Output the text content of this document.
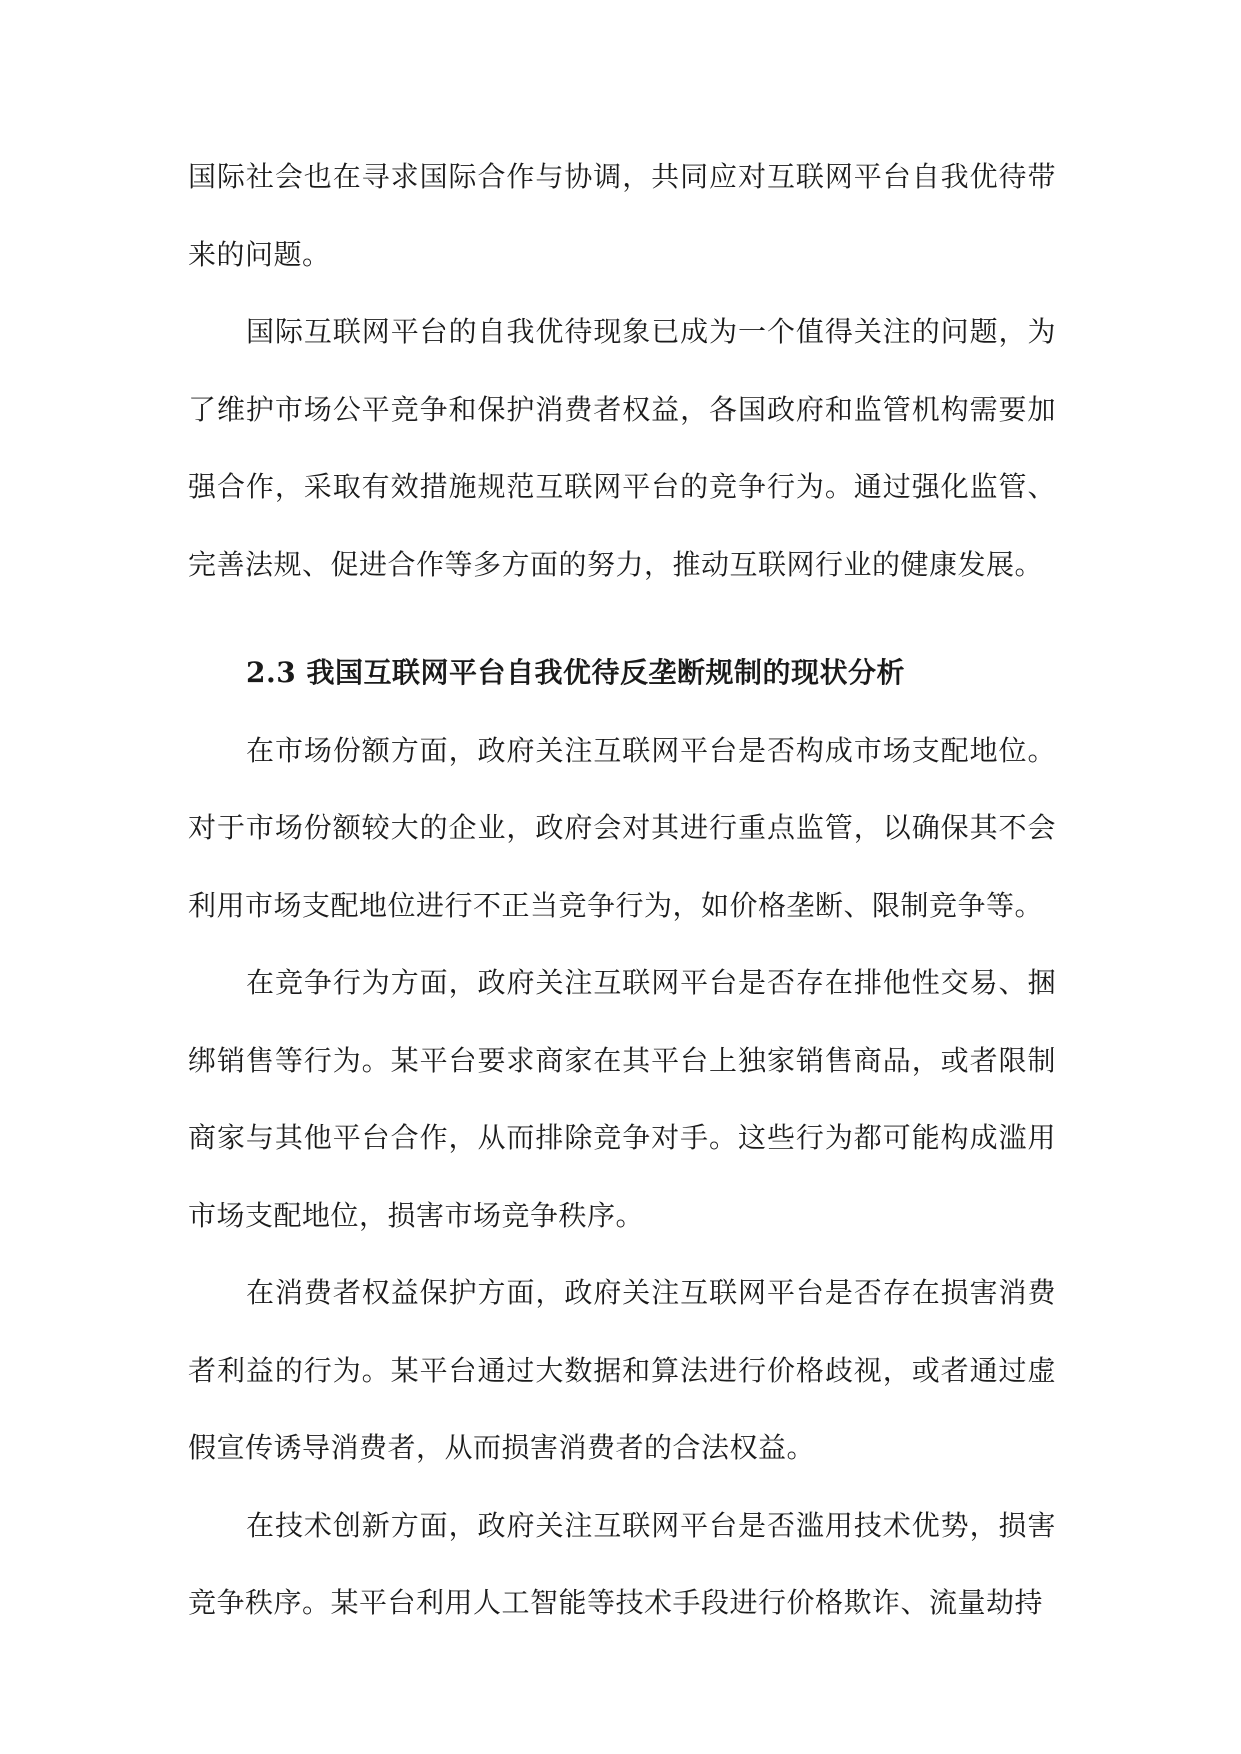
国际社会也在寻求国际合作与协调，共同应对互联网平台自我优待带来的问题。

国际互联网平台的自我优待现象已成为一个值得关注的问题，为了维护市场公平竞争和保护消费者权益，各国政府和监管机构需要加强合作，采取有效措施规范互联网平台的竞争行为。通过强化监管、完善法规、促进合作等多方面的努力，推动互联网行业的健康发展。

2.3 我国互联网平台自我优待反垄断规制的现状分析

在市场份额方面，政府关注互联网平台是否构成市场支配地位。对于市场份额较大的企业，政府会对其进行重点监管，以确保其不会利用市场支配地位进行不正当竞争行为，如价格垄断、限制竞争等。

在竞争行为方面，政府关注互联网平台是否存在排他性交易、捆绑销售等行为。某平台要求商家在其平台上独家销售商品，或者限制商家与其他平台合作，从而排除竞争对手。这些行为都可能构成滥用市场支配地位，损害市场竞争秩序。

在消费者权益保护方面，政府关注互联网平台是否存在损害消费者利益的行为。某平台通过大数据和算法进行价格歧视，或者通过虚假宣传诱导消费者，从而损害消费者的合法权益。

在技术创新方面，政府关注互联网平台是否滥用技术优势，损害竞争秩序。某平台利用人工智能等技术手段进行价格欺诈、流量劫持
